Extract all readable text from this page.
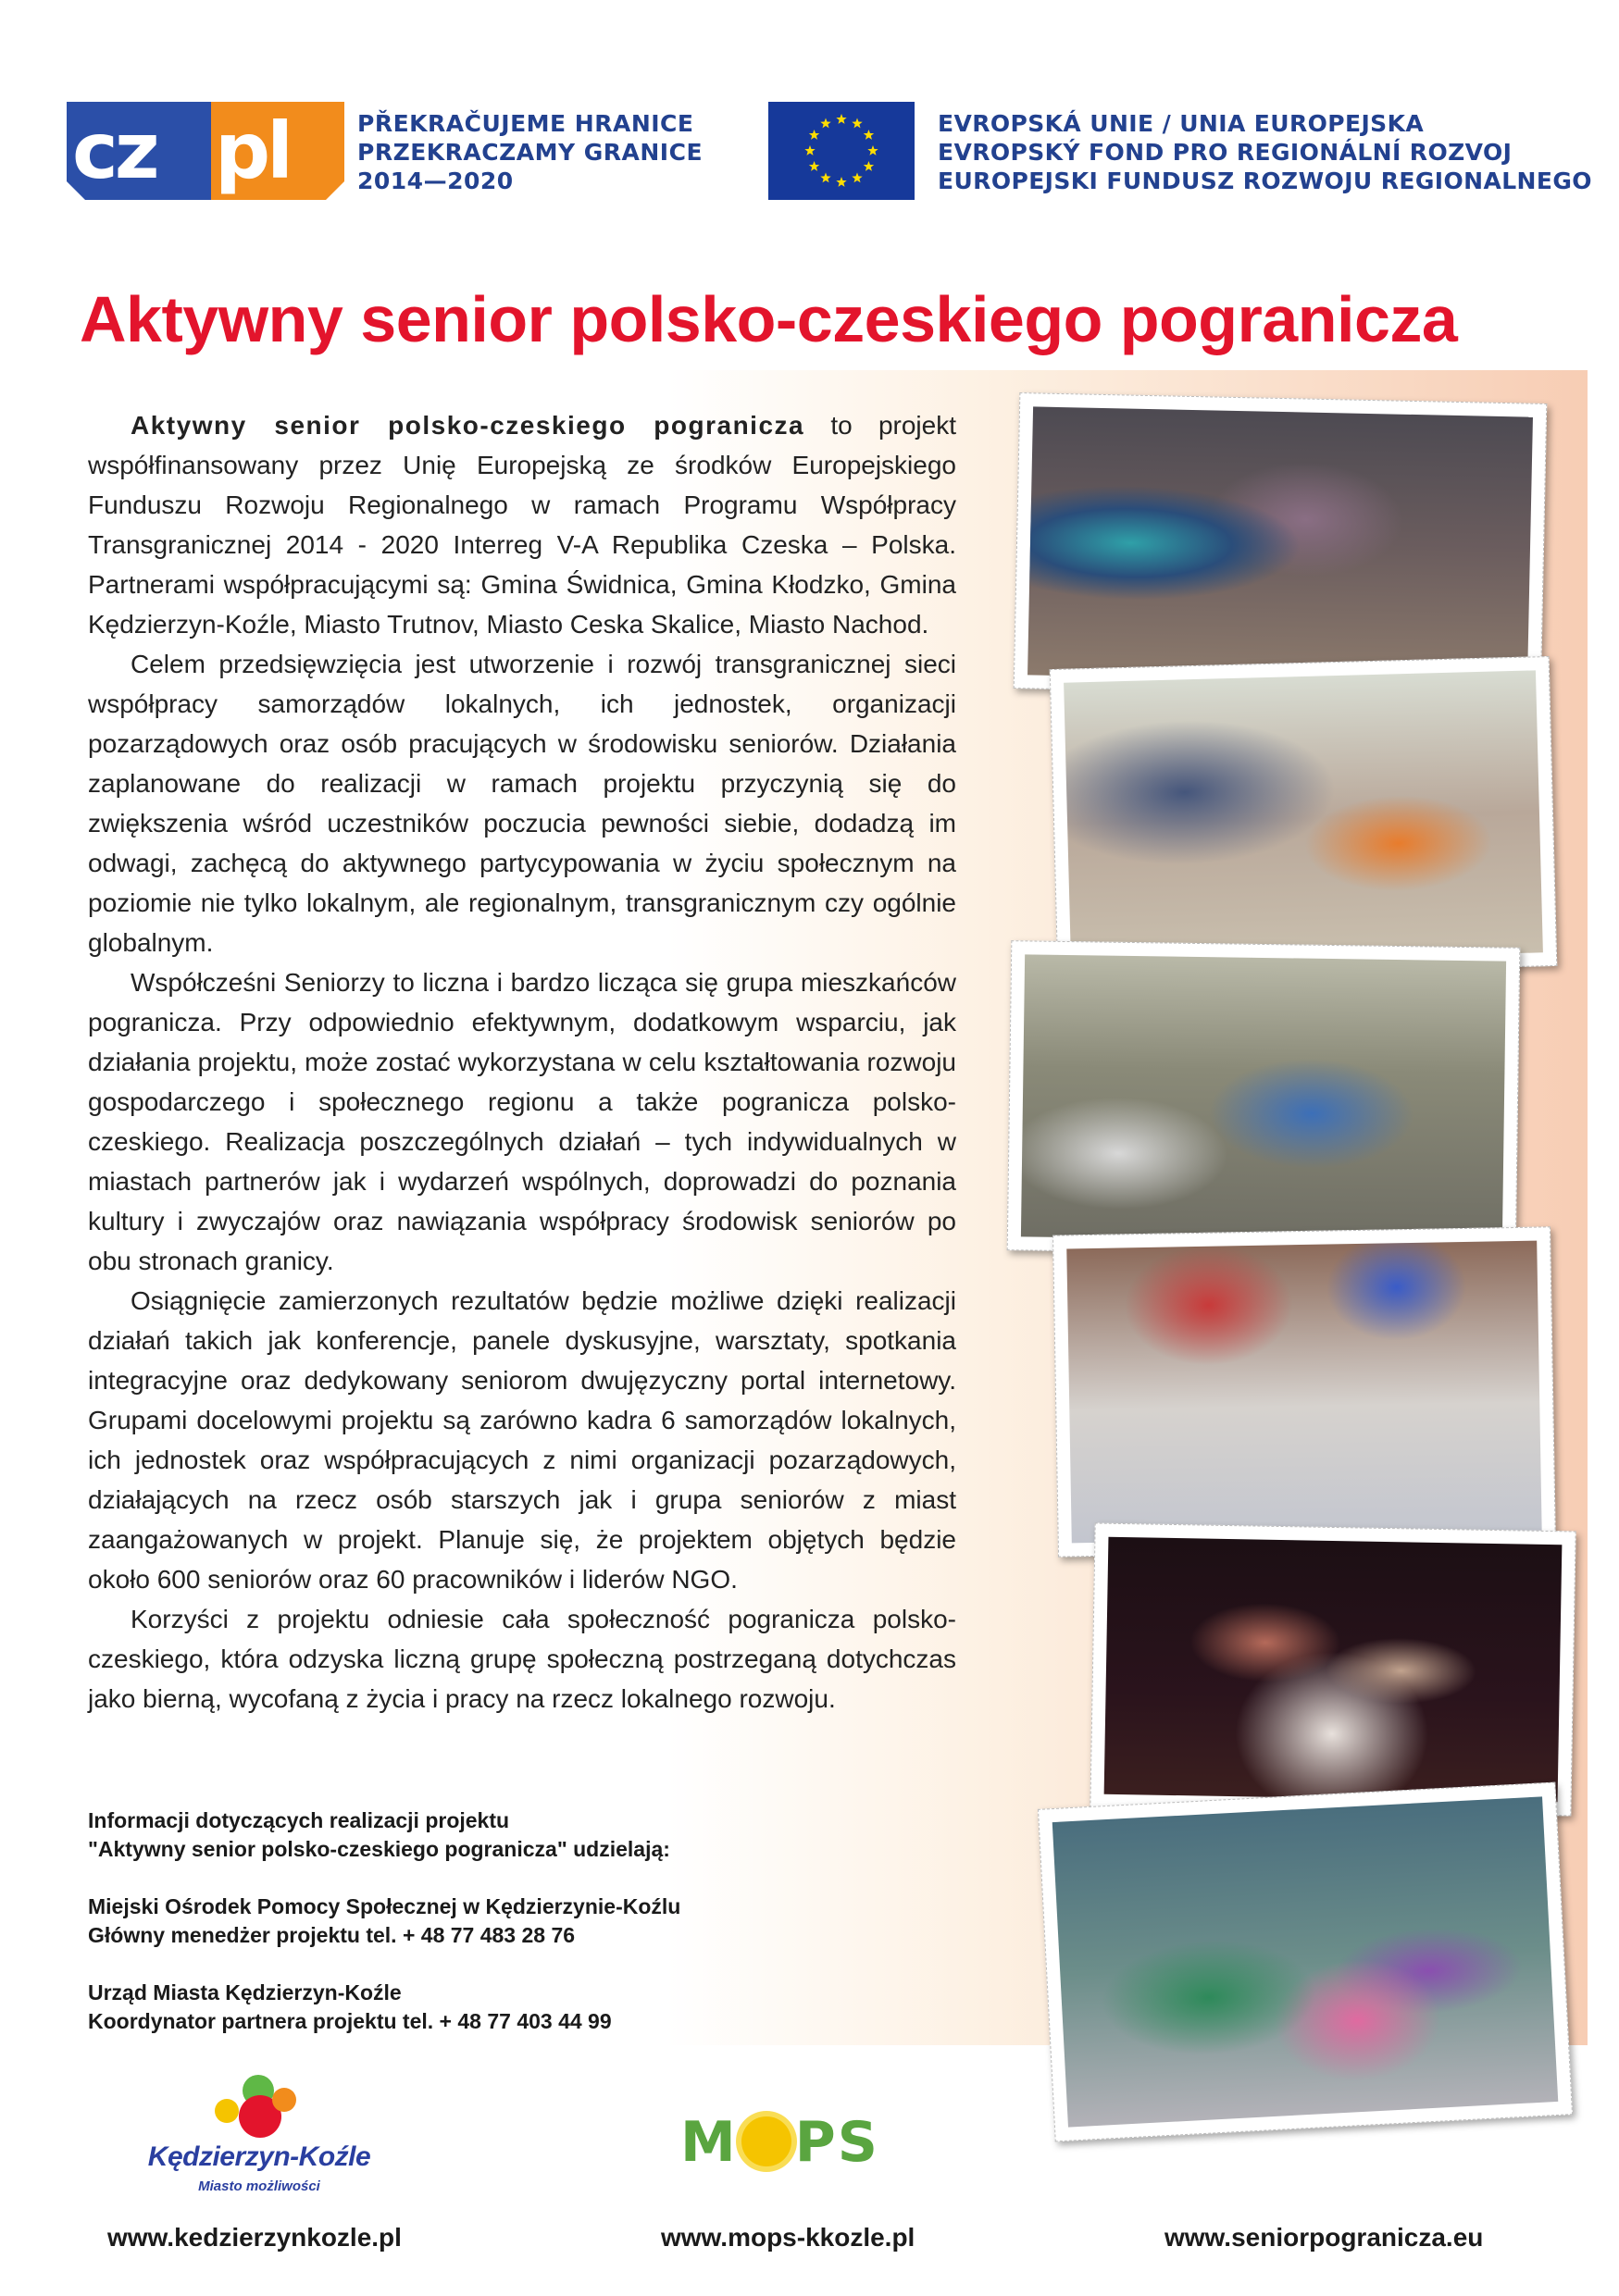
cz pl	PŘEKRAČUJEME HRANICE
PRZEKRACZAMY GRANICE
2014—2020
EVROPSKÁ UNIE / UNIA EUROPEJSKA
EVROPSKÝ FOND PRO REGIONÁLNÍ ROZVOJ
EUROPEJSKI FUNDUSZ ROZWOJU REGIONALNEGO
Aktywny senior polsko-czeskiego pogranicza

Aktywny senior polsko-czeskiego pogranicza to projekt współfinansowany przez Unię Europejską ze środków Europejskiego Funduszu Rozwoju Regionalnego w ramach Programu Współpracy Transgranicznej 2014 - 2020 Interreg V-A Republika Czeska – Polska. Partnerami współpracującymi są: Gmina Świdnica, Gmina Kłodzko, Gmina Kędzierzyn-Koźle, Miasto Trutnov, Miasto Ceska Skalice, Miasto Nachod.

Celem przedsięwzięcia jest utworzenie i rozwój transgranicznej sieci współpracy samorządów lokalnych, ich jednostek, organizacji pozarządowych oraz osób pracujących w środowisku seniorów. Działania zaplanowane do realizacji w ramach projektu przyczynią się do zwiększenia wśród uczestników poczucia pewności siebie, dodadzą im odwagi, zachęcą do aktywnego partycypowania w życiu społecznym na poziomie nie tylko lokalnym, ale regionalnym, transgranicznym czy ogólnie globalnym.

Współcześni Seniorzy to liczna i bardzo licząca się grupa mieszkańców pogranicza. Przy odpowiednio efektywnym, dodatkowym wsparciu, jak działania projektu, może zostać wykorzystana w celu kształtowania rozwoju gospodarczego i społecznego regionu a także pogranicza polsko-czeskiego. Realizacja poszczególnych działań – tych indywidualnych w miastach partnerów jak i wydarzeń wspólnych, doprowadzi do poznania kultury i zwyczajów oraz nawiązania współpracy środowisk seniorów po obu stronach granicy.

Osiągnięcie zamierzonych rezultatów będzie możliwe dzięki realizacji działań takich jak konferencje, panele dyskusyjne, warsztaty, spotkania integracyjne oraz dedykowany seniorom dwujęzyczny portal internetowy. Grupami docelowymi projektu są zarówno kadra 6 samorządów lokalnych, ich jednostek oraz współpracujących z nimi organizacji pozarządowych, działających na rzecz osób starszych jak i grupa seniorów z miast zaangażowanych w projekt. Planuje się, że projektem objętych będzie około 600 seniorów oraz 60 pracowników i liderów NGO.

Korzyści z projektu odniesie cała społeczność pogranicza polsko-czeskiego, która odzyska liczną grupę społeczną postrzeganą dotychczas jako bierną, wycofaną z życia i pracy na rzecz lokalnego rozwoju.

Informacji dotyczących realizacji projektu
"Aktywny senior polsko-czeskiego pogranicza" udzielają:
Miejski Ośrodek Pomocy Społecznej w Kędzierzynie-Koźlu
Główny menedżer projektu tel. + 48 77 483 28 76
Urząd Miasta Kędzierzyn-Koźle
Koordynator partnera projektu tel. + 48 77 403 44 99
Kędzierzyn-Koźle
Miasto możliwości
M PS
www.kedzierzynkozle.pl	www.mops-kkozle.pl	www.seniorpogranicza.eu
